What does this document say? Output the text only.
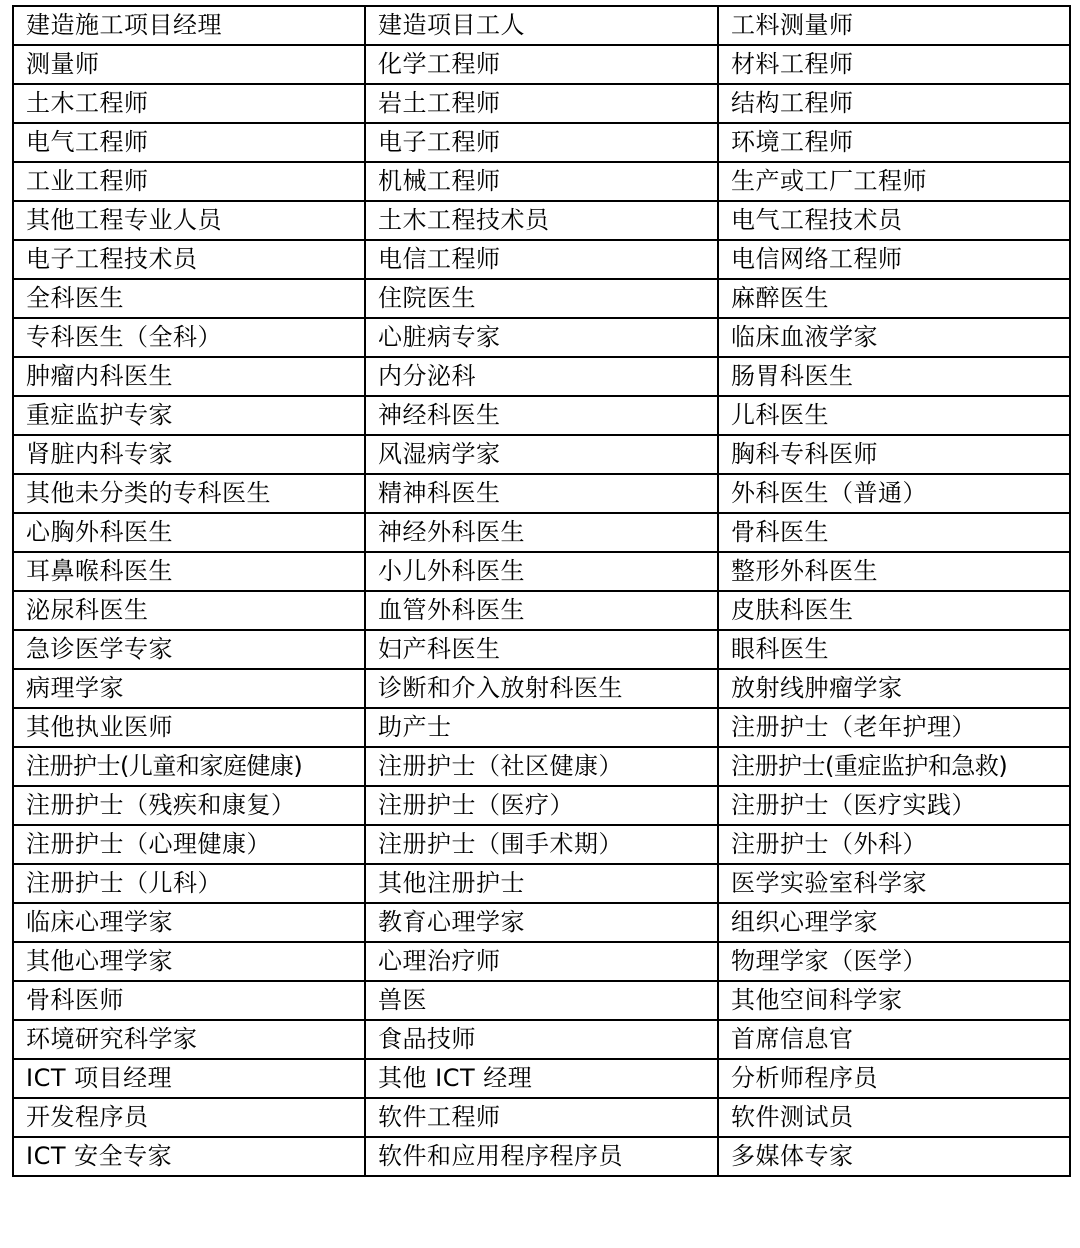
建造施工项目经理	建造项目工人	工料测量师
测量师	化学工程师	材料工程师
土木工程师	岩土工程师	结构工程师
电气工程师	电子工程师	环境工程师
工业工程师	机械工程师	生产或工厂工程师
其他工程专业人员	土木工程技术员	电气工程技术员
电子工程技术员	电信工程师	电信网络工程师
全科医生	住院医生	麻醉医生
专科医生（全科）	心脏病专家	临床血液学家
肿瘤内科医生	内分泌科	肠胃科医生
重症监护专家	神经科医生	儿科医生
肾脏内科专家	风湿病学家	胸科专科医师
其他未分类的专科医生	精神科医生	外科医生（普通）
心胸外科医生	神经外科医生	骨科医生
耳鼻喉科医生	小儿外科医生	整形外科医生
泌尿科医生	血管外科医生	皮肤科医生
急诊医学专家	妇产科医生	眼科医生
病理学家	诊断和介入放射科医生	放射线肿瘤学家
其他执业医师	助产士	注册护士（老年护理）
注册护士(儿童和家庭健康)	注册护士（社区健康）	注册护士(重症监护和急救)
注册护士（残疾和康复）	注册护士（医疗）	注册护士（医疗实践）
注册护士（心理健康）	注册护士（围手术期）	注册护士（外科）
注册护士（儿科）	其他注册护士	医学实验室科学家
临床心理学家	教育心理学家	组织心理学家
其他心理学家	心理治疗师	物理学家（医学）
骨科医师	兽医	其他空间科学家
环境研究科学家	食品技师	首席信息官
ICT 项目经理	其他 ICT 经理	分析师程序员
开发程序员	软件工程师	软件测试员
ICT 安全专家	软件和应用程序程序员	多媒体专家
